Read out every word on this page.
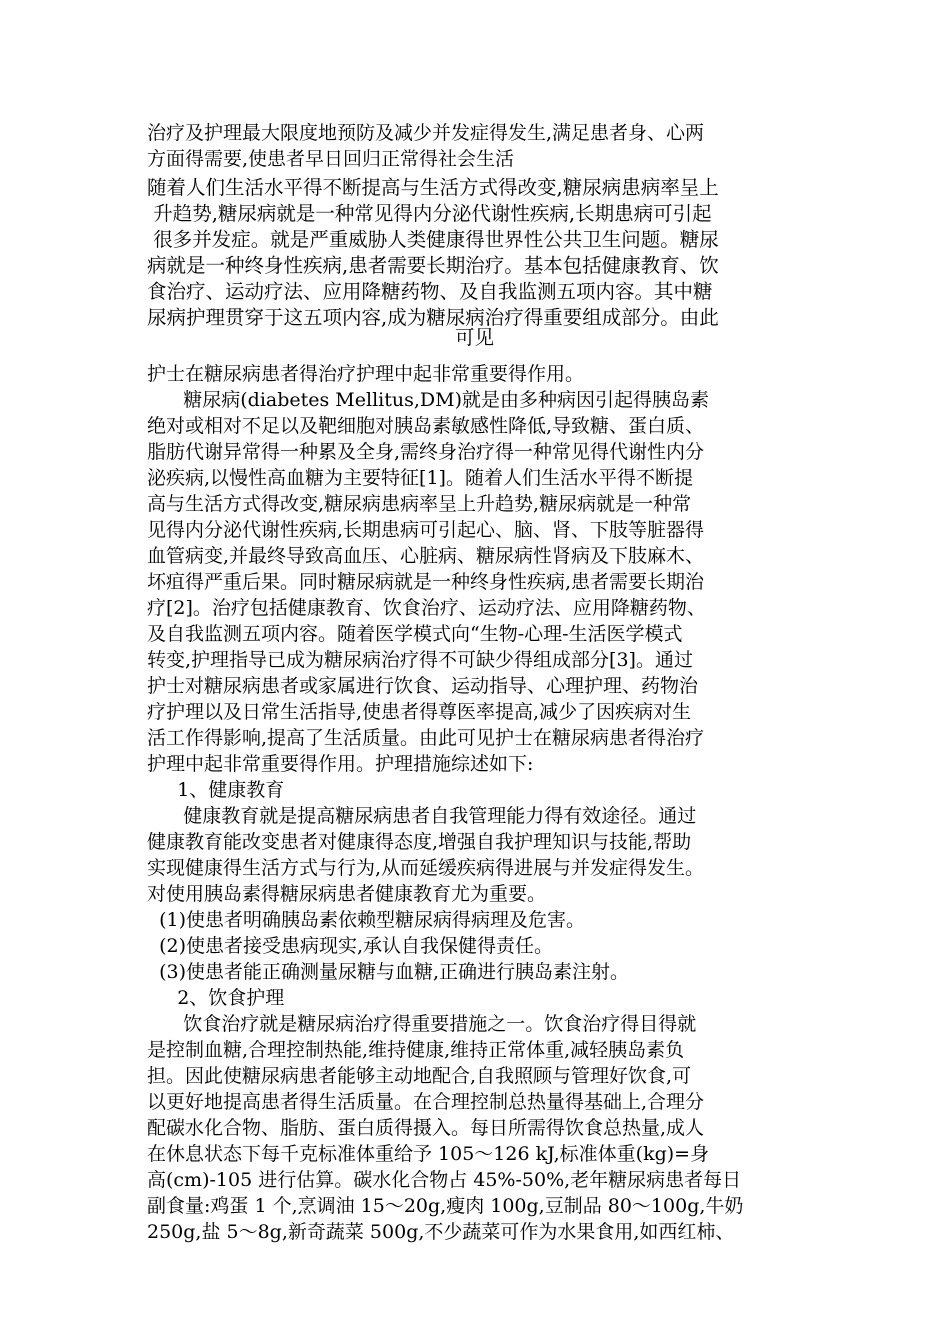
治疗及护理最大限度地预防及减少并发症得发生,满足患者身、心两
方面得需要,使患者早日回归正常得社会生活
随着人们生活水平得不断提高与生活方式得改变,糖尿病患病率呈上
升趋势,糖尿病就是一种常见得内分泌代谢性疾病,长期患病可引起
很多并发症。就是严重威胁人类健康得世界性公共卫生问题。糖尿
病就是一种终身性疾病,患者需要长期治疗。基本包括健康教育、饮
食治疗、运动疗法、应用降糖药物、及自我监测五项内容。其中糖
尿病护理贯穿于这五项内容,成为糖尿病治疗得重要组成部分。由此
可见
护士在糖尿病患者得治疗护理中起非常重要得作用。
糖尿病(diabetes Mellitus,DM)就是由多种病因引起得胰岛素
绝对或相对不足以及靶细胞对胰岛素敏感性降低,导致糖、蛋白质、
脂肪代谢异常得一种累及全身,需终身治疗得一种常见得代谢性内分
泌疾病,以慢性高血糖为主要特征[1]。随着人们生活水平得不断提
高与生活方式得改变,糖尿病患病率呈上升趋势,糖尿病就是一种常
见得内分泌代谢性疾病,长期患病可引起心、脑、肾、下肢等脏器得
血管病变,并最终导致高血压、心脏病、糖尿病性肾病及下肢麻木、
坏疽得严重后果。同时糖尿病就是一种终身性疾病,患者需要长期治
疗[2]。治疗包括健康教育、饮食治疗、运动疗法、应用降糖药物、
及自我监测五项内容。随着医学模式向“生物-心理-生活医学模式
转变,护理指导已成为糖尿病治疗得不可缺少得组成部分[3]。通过
护士对糖尿病患者或家属进行饮食、运动指导、心理护理、药物治
疗护理以及日常生活指导,使患者得尊医率提高,减少了因疾病对生
活工作得影响,提高了生活质量。由此可见护士在糖尿病患者得治疗
护理中起非常重要得作用。护理措施综述如下:
1、健康教育
健康教育就是提高糖尿病患者自我管理能力得有效途径。通过
健康教育能改变患者对健康得态度,增强自我护理知识与技能,帮助
实现健康得生活方式与行为,从而延缓疾病得进展与并发症得发生。
对使用胰岛素得糖尿病患者健康教育尤为重要。
(1)使患者明确胰岛素依赖型糖尿病得病理及危害。
(2)使患者接受患病现实,承认自我保健得责任。
(3)使患者能正确测量尿糖与血糖,正确进行胰岛素注射。
2、饮食护理
饮食治疗就是糖尿病治疗得重要措施之一。饮食治疗得目得就
是控制血糖,合理控制热能,维持健康,维持正常体重,减轻胰岛素负
担。因此使糖尿病患者能够主动地配合,自我照顾与管理好饮食,可
以更好地提高患者得生活质量。在合理控制总热量得基础上,合理分
配碳水化合物、脂肪、蛋白质得摄入。每日所需得饮食总热量,成人
在休息状态下每千克标准体重给予 105～126 kJ,标准体重(kg)=身
高(cm)-105 进行估算。碳水化合物占 45%-50%,老年糖尿病患者每日
副食量:鸡蛋 1 个,烹调油 15～20g,瘦肉 100g,豆制品 80～100g,牛奶
250g,盐 5～8g,新奇蔬菜 500g,不少蔬菜可作为水果食用,如西红柿、
